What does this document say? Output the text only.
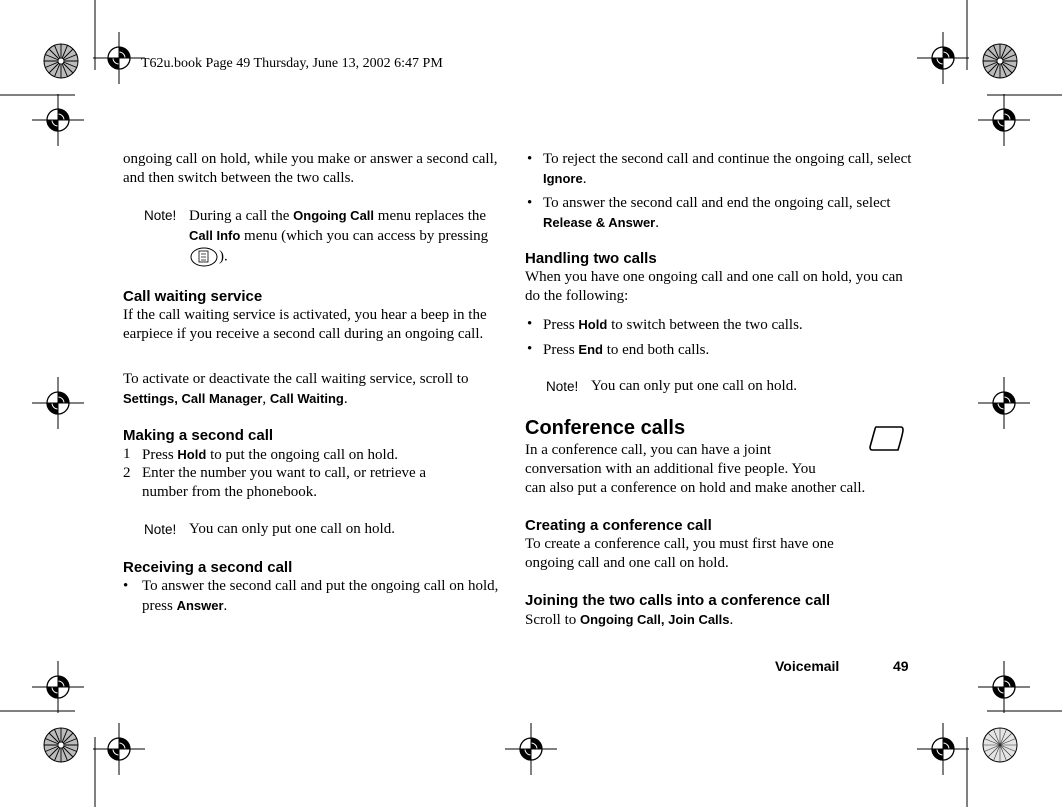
T62u.book Page 49 Thursday, June 13, 2002 6:47 PM
ongoing call on hold, while you make or answer a second call, and then switch between the two calls.
Note! During a call the Ongoing Call menu replaces the Call Info menu (which you can access by pressing ).
Call waiting service
If the call waiting service is activated, you hear a beep in the earpiece if you receive a second call during an ongoing call.
To activate or deactivate the call waiting service, scroll to Settings, Call Manager, Call Waiting.
Making a second call
1 Press Hold to put the ongoing call on hold.
2 Enter the number you want to call, or retrieve a number from the phonebook.
Note! You can only put one call on hold.
Receiving a second call
• To answer the second call and put the ongoing call on hold, press Answer.
• To reject the second call and continue the ongoing call, select Ignore.
• To answer the second call and end the ongoing call, select Release & Answer.
Handling two calls
When you have one ongoing call and one call on hold, you can do the following:
• Press Hold to switch between the two calls.
• Press End to end both calls.
Note! You can only put one call on hold.
Conference calls
In a conference call, you can have a joint
conversation with an additional five people. You
can also put a conference on hold and make another call.
Creating a conference call
To create a conference call, you must first have one ongoing call and one call on hold.
Joining the two calls into a conference call
Scroll to Ongoing Call, Join Calls.
Voicemail	49
